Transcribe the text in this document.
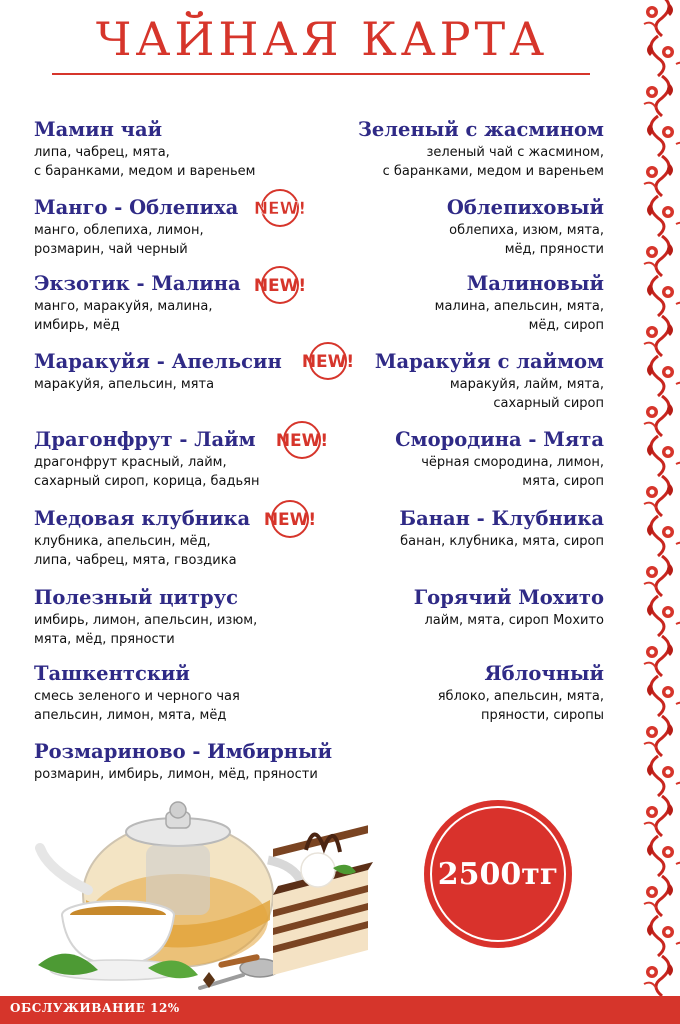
ЧАЙНАЯ КАРТА
Мамин чай
липа, чабрец, мята,
с баранками, медом и вареньем
Манго - Облепиха
манго, облепиха, лимон,
розмарин, чай черный
Экзотик - Малина
манго, маракуйя, малина,
имбирь, мёд
Маракуйя - Апельсин
маракуйя, апельсин, мята
Драгонфрут - Лайм
драгонфрут красный, лайм,
сахарный сироп, корица, бадьян
Медовая клубника
клубника, апельсин, мёд,
липа, чабрец, мята, гвоздика
Полезный цитрус
имбирь, лимон, апельсин, изюм,
мята, мёд, пряности
Ташкентский
смесь зеленого и черного чая
апельсин, лимон, мята, мёд
Розмариново - Имбирный
розмарин, имбирь, лимон, мёд, пряности
NEW!
NEW!
NEW!
NEW!
NEW!
Зеленый с жасмином
зеленый чай с жасмином,
с баранками, медом и вареньем
Облепиховый
облепиха, изюм, мята,
мёд, пряности
Малиновый
малина, апельсин, мята,
мёд, сироп
Маракуйя с лаймом
маракуйя, лайм, мята,
сахарный сироп
Смородина - Мята
чёрная смородина, лимон,
мята, сироп
Банан - Клубника
банан, клубника, мята, сироп
Горячий Мохито
лайм, мята, сироп Мохито
Яблочный
яблоко, апельсин, мята,
пряности, сиропы
2500тг
ОБСЛУЖИВАНИЕ 12%
